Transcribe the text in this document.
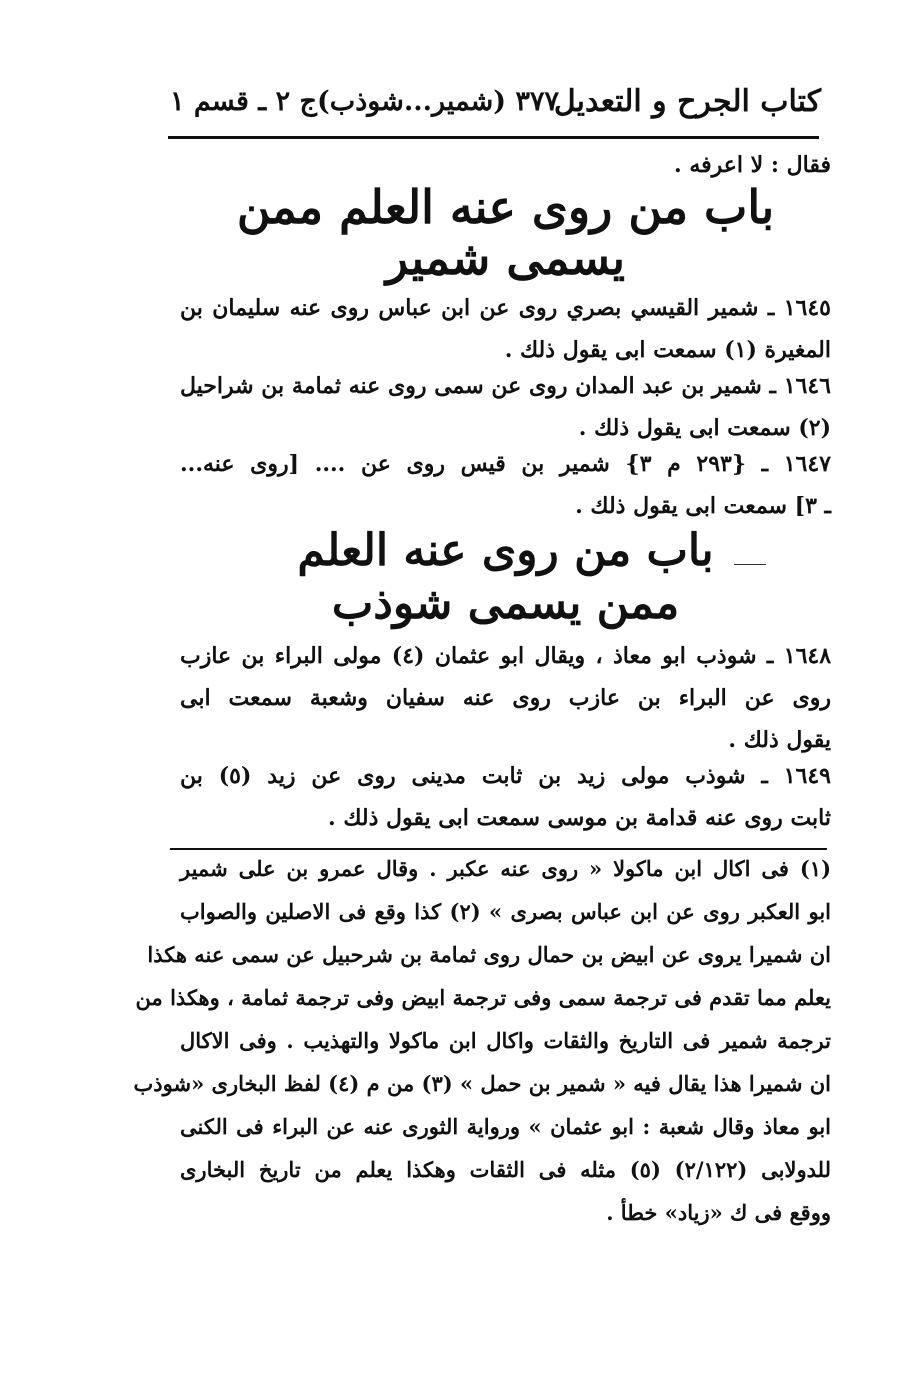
كتاب الجرح و التعديل
٣٧٧ (شمير...شوذب)
ج ٢ ـ قسم ١
فقال : لا اعرفه .
باب من روى عنه العلم ممن يسمى شمير
١٦٤٥ ـ شمير القيسي بصري روى عن ابن عباس روى عنه سليمان بن
المغيرة (١) سمعت ابى يقول ذلك .
١٦٤٦ ـ شمير بن عبد المدان روى عن سمى روى عنه ثمامة بن شراحيل
(٢) سمعت ابى يقول ذلك .
١٦٤٧ ـ {٢٩٣ م ٣} شمير بن قيس روى عن .... [روى عنه...
ـ ٣] سمعت ابى يقول ذلك .
باب من روى عنه العلم
ممن يسمى شوذب
١٦٤٨ ـ شوذب ابو معاذ ، ويقال ابو عثمان (٤) مولى البراء بن عازب
روى عن البراء بن عازب روى عنه سفيان وشعبة سمعت ابى
يقول ذلك .
١٦٤٩ ـ شوذب مولى زيد بن ثابت مدينى روى عن زيد (٥) بن
ثابت روى عنه قدامة بن موسى سمعت ابى يقول ذلك .
(١) فى اكال ابن ماكولا « روى عنه عكبر . وقال عمرو بن على شمير
ابو العكبر روى عن ابن عباس بصرى » (٢) كذا وقع فى الاصلين والصواب
ان شميرا يروى عن ابيض بن حمال روى ثمامة بن شرحبيل عن سمى عنه هكذا
يعلم مما تقدم فى ترجمة سمى وفى ترجمة ابيض وفى ترجمة ثمامة ، وهكذا من
ترجمة شمير فى التاريخ والثقات واكال ابن ماكولا والتهذيب . وفى الاكال
ان شميرا هذا يقال فيه « شمير بن حمل » (٣) من م (٤) لفظ البخارى «شوذب
ابو معاذ وقال شعبة : ابو عثمان » ورواية الثورى عنه عن البراء فى الكنى
للدولابى (٢/١٢٢) (٥) مثله فى الثقات وهكذا يعلم من تاريخ البخارى
ووقع فى ك «زياد» خطأ .
